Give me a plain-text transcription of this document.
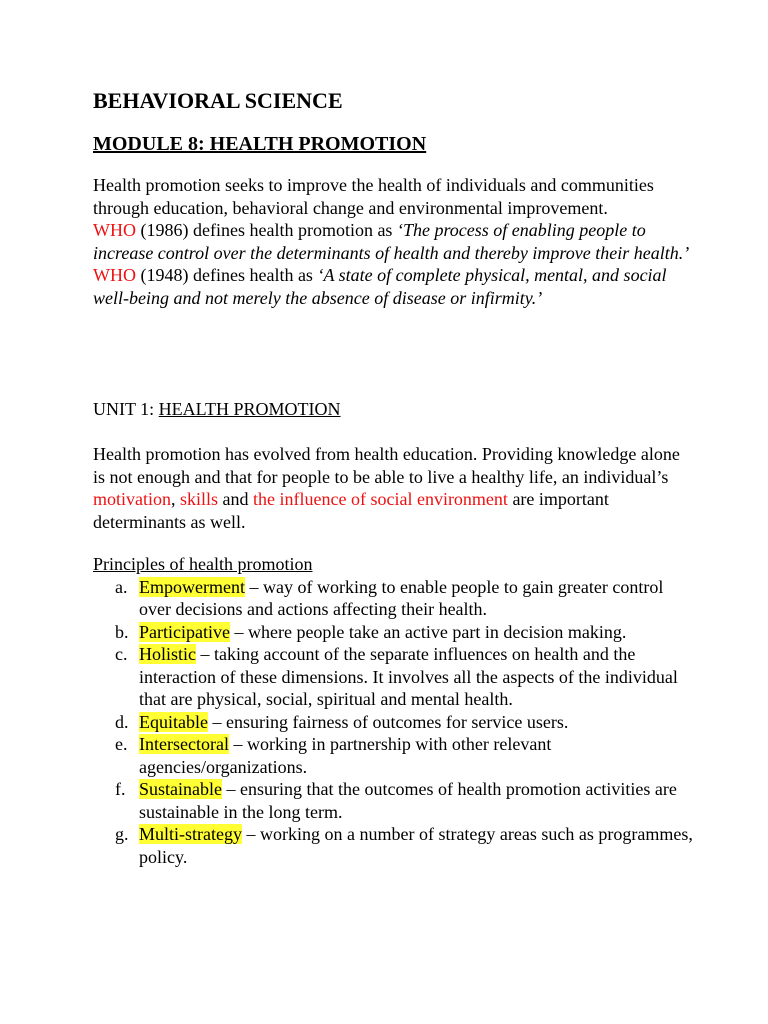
BEHAVIORAL SCIENCE
MODULE 8: HEALTH PROMOTION
Health promotion seeks to improve the health of individuals and communities through education, behavioral change and environmental improvement.
WHO (1986) defines health promotion as ‘The process of enabling people to increase control over the determinants of health and thereby improve their health.’
WHO (1948) defines health as ‘A state of complete physical, mental, and social well-being and not merely the absence of disease or infirmity.’
UNIT 1: HEALTH PROMOTION
Health promotion has evolved from health education. Providing knowledge alone is not enough and that for people to be able to live a healthy life, an individual’s motivation, skills and the influence of social environment are important determinants as well.
Principles of health promotion
a. Empowerment – way of working to enable people to gain greater control over decisions and actions affecting their health.
b. Participative – where people take an active part in decision making.
c. Holistic – taking account of the separate influences on health and the interaction of these dimensions. It involves all the aspects of the individual that are physical, social, spiritual and mental health.
d. Equitable – ensuring fairness of outcomes for service users.
e. Intersectoral – working in partnership with other relevant agencies/organizations.
f. Sustainable – ensuring that the outcomes of health promotion activities are sustainable in the long term.
g. Multi-strategy – working on a number of strategy areas such as programmes, policy.
